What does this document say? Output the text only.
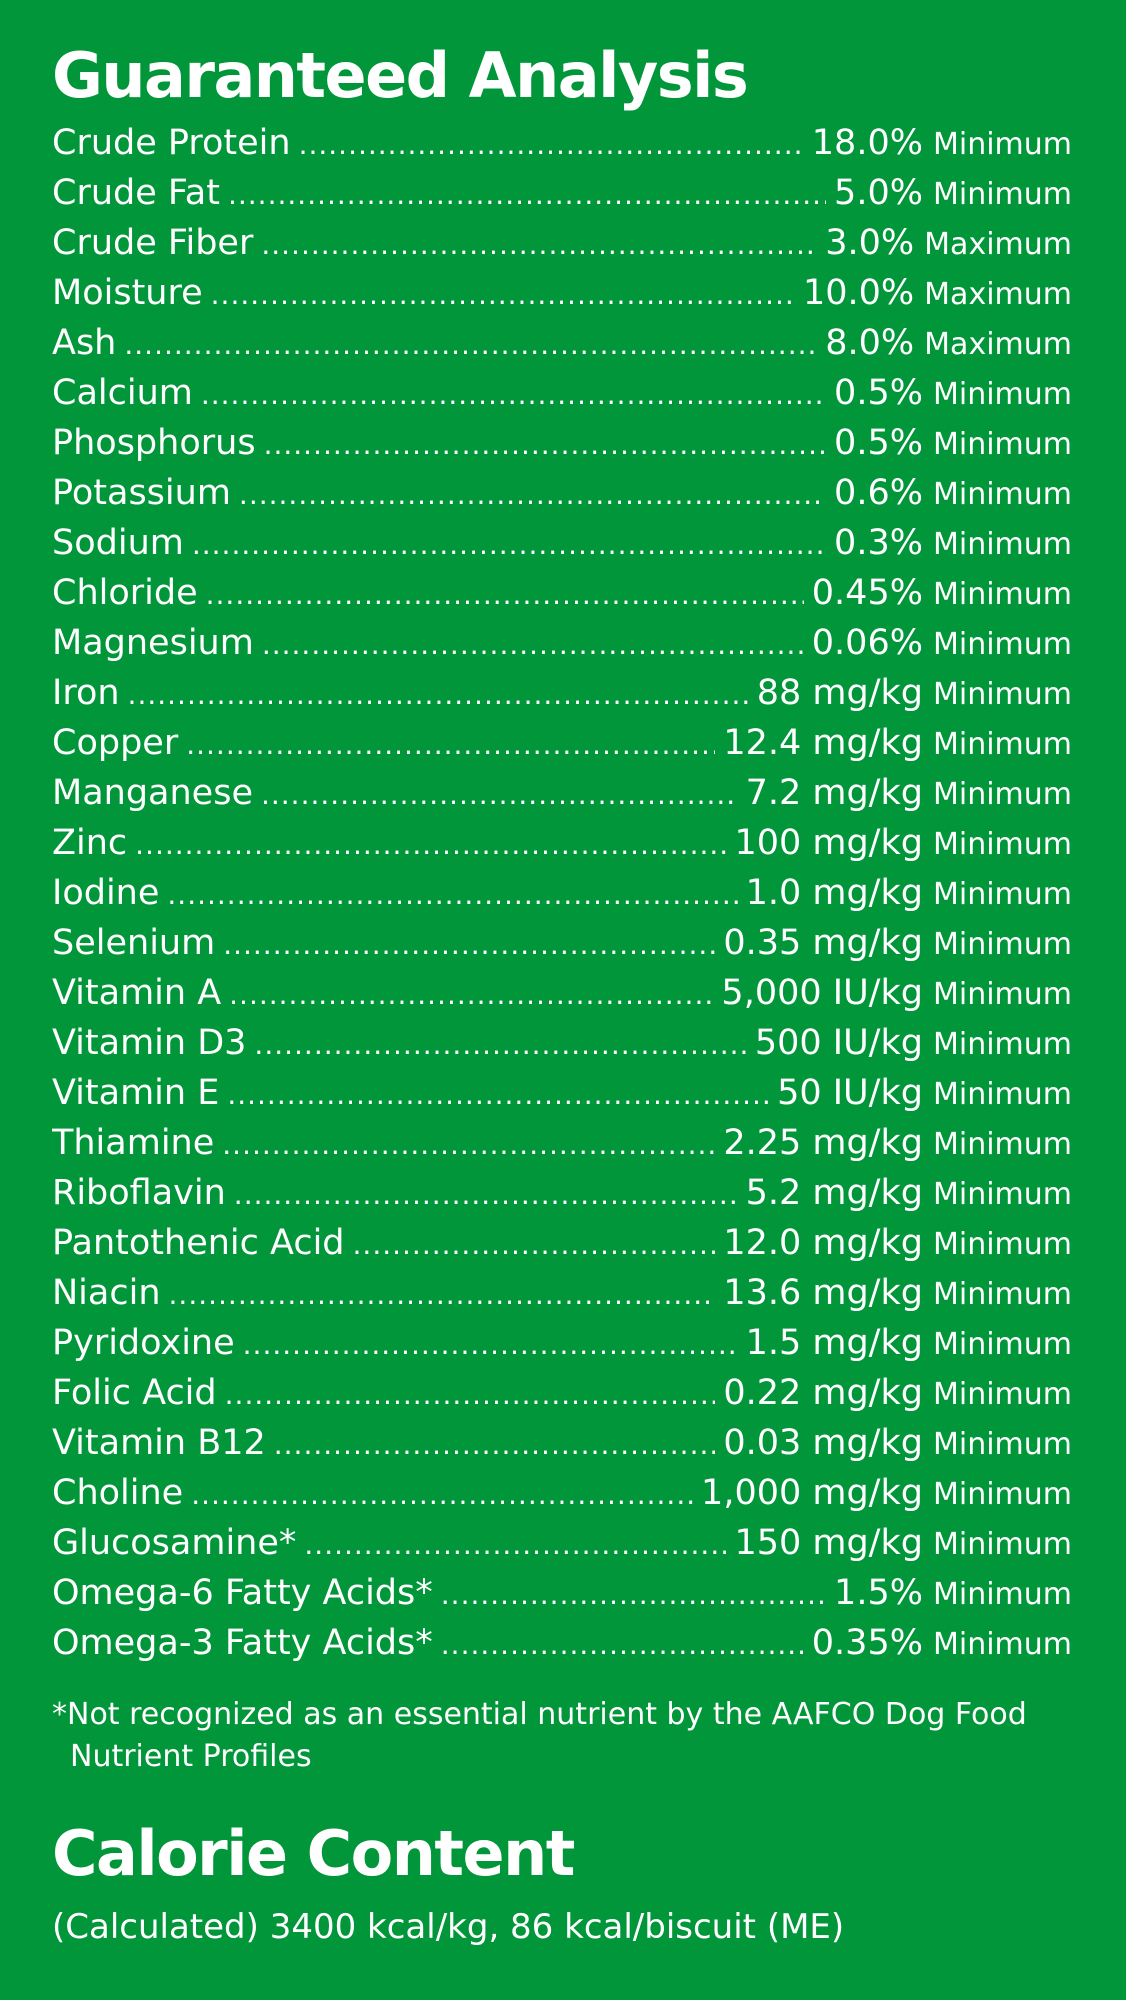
Guaranteed Analysis
Crude Protein .....	18.0% Minimum
Crude Fat .....	5.0% Minimum
Crude Fiber .....	3.0% Maximum
Moisture .....	10.0% Maximum
Ash .....	8.0% Maximum
Calcium .....	0.5% Minimum
Phosphorus .....	0.5% Minimum
Potassium .....	0.6% Minimum
Sodium .....	0.3% Minimum
Chloride .....	0.45% Minimum
Magnesium .....	0.06% Minimum
Iron .....	88 mg/kg Minimum
Copper .....	12.4 mg/kg Minimum
Manganese .....	7.2 mg/kg Minimum
Zinc .....	100 mg/kg Minimum
Iodine .....	1.0 mg/kg Minimum
Selenium .....	0.35 mg/kg Minimum
Vitamin A .....	5,000 IU/kg Minimum
Vitamin D3 .....	500 IU/kg Minimum
Vitamin E .....	50 IU/kg Minimum
Thiamine .....	2.25 mg/kg Minimum
Riboflavin .....	5.2 mg/kg Minimum
Pantothenic Acid .....	12.0 mg/kg Minimum
Niacin .....	13.6 mg/kg Minimum
Pyridoxine .....	1.5 mg/kg Minimum
Folic Acid .....	0.22 mg/kg Minimum
Vitamin B12 .....	0.03 mg/kg Minimum
Choline .....	1,000 mg/kg Minimum
Glucosamine* .....	150 mg/kg Minimum
Omega-6 Fatty Acids* .....	1.5% Minimum
Omega-3 Fatty Acids* .....	0.35% Minimum

*Not recognized as an essential nutrient by the AAFCO Dog Food Nutrient Profiles

Calorie Content

(Calculated) 3400 kcal/kg, 86 kcal/biscuit (ME)
